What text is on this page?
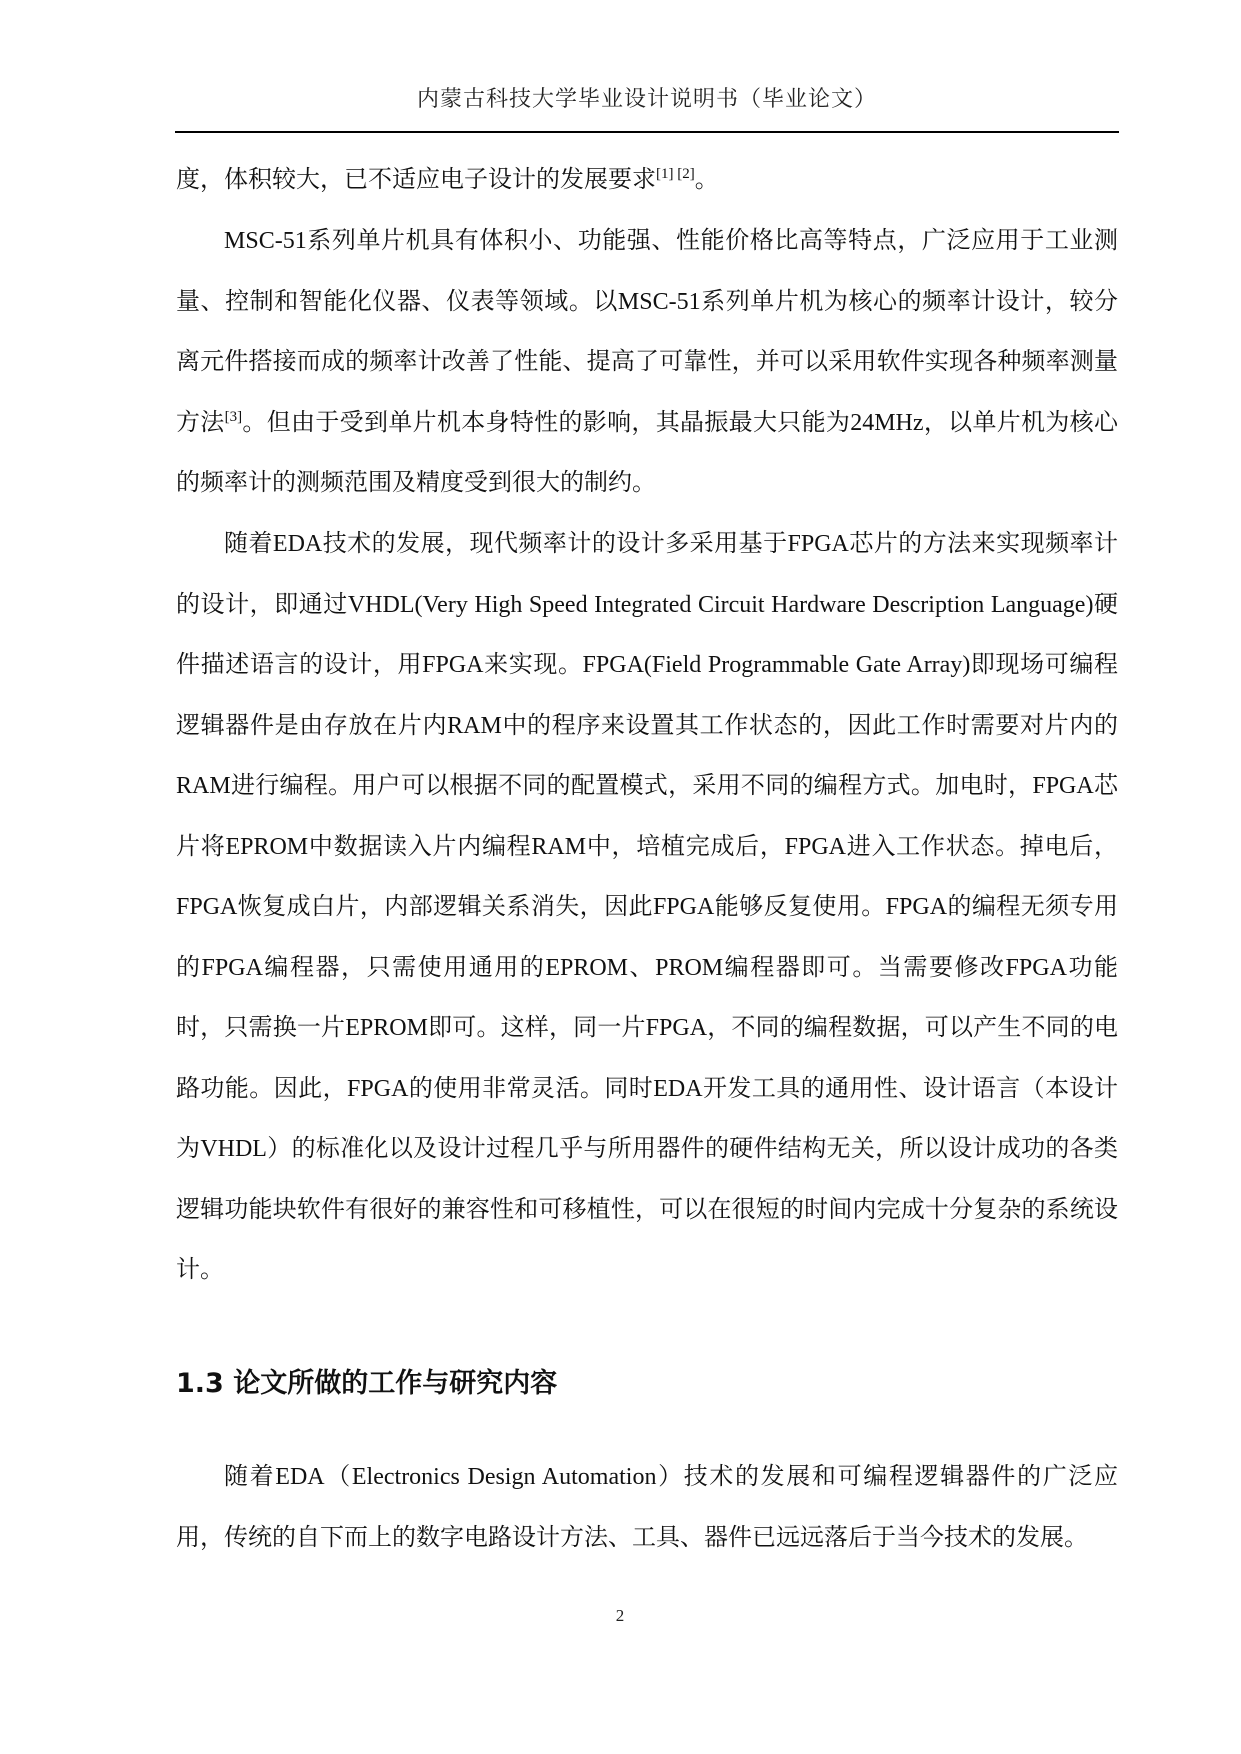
内蒙古科技大学毕业设计说明书（毕业论文）

度，体积较大，已不适应电子设计的发展要求[1] [2]。

MSC-51系列单片机具有体积小、功能强、性能价格比高等特点，广泛应用于工业测量、控制和智能化仪器、仪表等领域。以MSC-51系列单片机为核心的频率计设计，较分离元件搭接而成的频率计改善了性能、提高了可靠性，并可以采用软件实现各种频率测量方法[3]。但由于受到单片机本身特性的影响，其晶振最大只能为24MHz，以单片机为核心的频率计的测频范围及精度受到很大的制约。

随着EDA技术的发展，现代频率计的设计多采用基于FPGA芯片的方法来实现频率计的设计，即通过VHDL(Very High Speed Integrated Circuit Hardware Description Language)硬件描述语言的设计，用FPGA来实现。FPGA(Field Programmable Gate Array)即现场可编程逻辑器件是由存放在片内RAM中的程序来设置其工作状态的，因此工作时需要对片内的RAM进行编程。用户可以根据不同的配置模式，采用不同的编程方式。加电时，FPGA芯片将EPROM中数据读入片内编程RAM中，培植完成后，FPGA进入工作状态。掉电后，FPGA恢复成白片，内部逻辑关系消失，因此FPGA能够反复使用。FPGA的编程无须专用的FPGA编程器，只需使用通用的EPROM、PROM编程器即可。当需要修改FPGA功能时，只需换一片EPROM即可。这样，同一片FPGA，不同的编程数据，可以产生不同的电路功能。因此，FPGA的使用非常灵活。同时EDA开发工具的通用性、设计语言（本设计为VHDL）的标准化以及设计过程几乎与所用器件的硬件结构无关，所以设计成功的各类逻辑功能块软件有很好的兼容性和可移植性，可以在很短的时间内完成十分复杂的系统设计。

1.3 论文所做的工作与研究内容

随着EDA（Electronics Design Automation）技术的发展和可编程逻辑器件的广泛应用，传统的自下而上的数字电路设计方法、工具、器件已远远落后于当今技术的发展。

2
